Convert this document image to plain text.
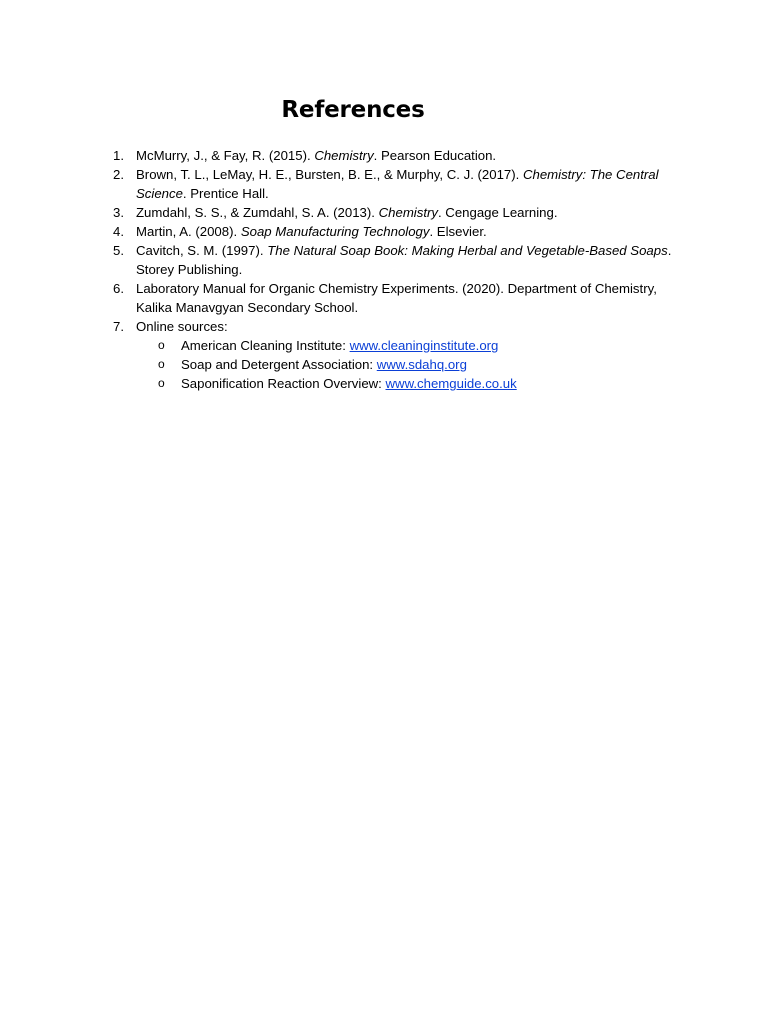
References
1. McMurry, J., & Fay, R. (2015). Chemistry. Pearson Education.
2. Brown, T. L., LeMay, H. E., Bursten, B. E., & Murphy, C. J. (2017). Chemistry: The Central Science. Prentice Hall.
3. Zumdahl, S. S., & Zumdahl, S. A. (2013). Chemistry. Cengage Learning.
4. Martin, A. (2008). Soap Manufacturing Technology. Elsevier.
5. Cavitch, S. M. (1997). The Natural Soap Book: Making Herbal and Vegetable-Based Soaps. Storey Publishing.
6. Laboratory Manual for Organic Chemistry Experiments. (2020). Department of Chemistry, Kalika Manavgyan Secondary School.
7. Online sources:
o American Cleaning Institute: www.cleaninginstitute.org
o Soap and Detergent Association: www.sdahq.org
o Saponification Reaction Overview: www.chemguide.co.uk
